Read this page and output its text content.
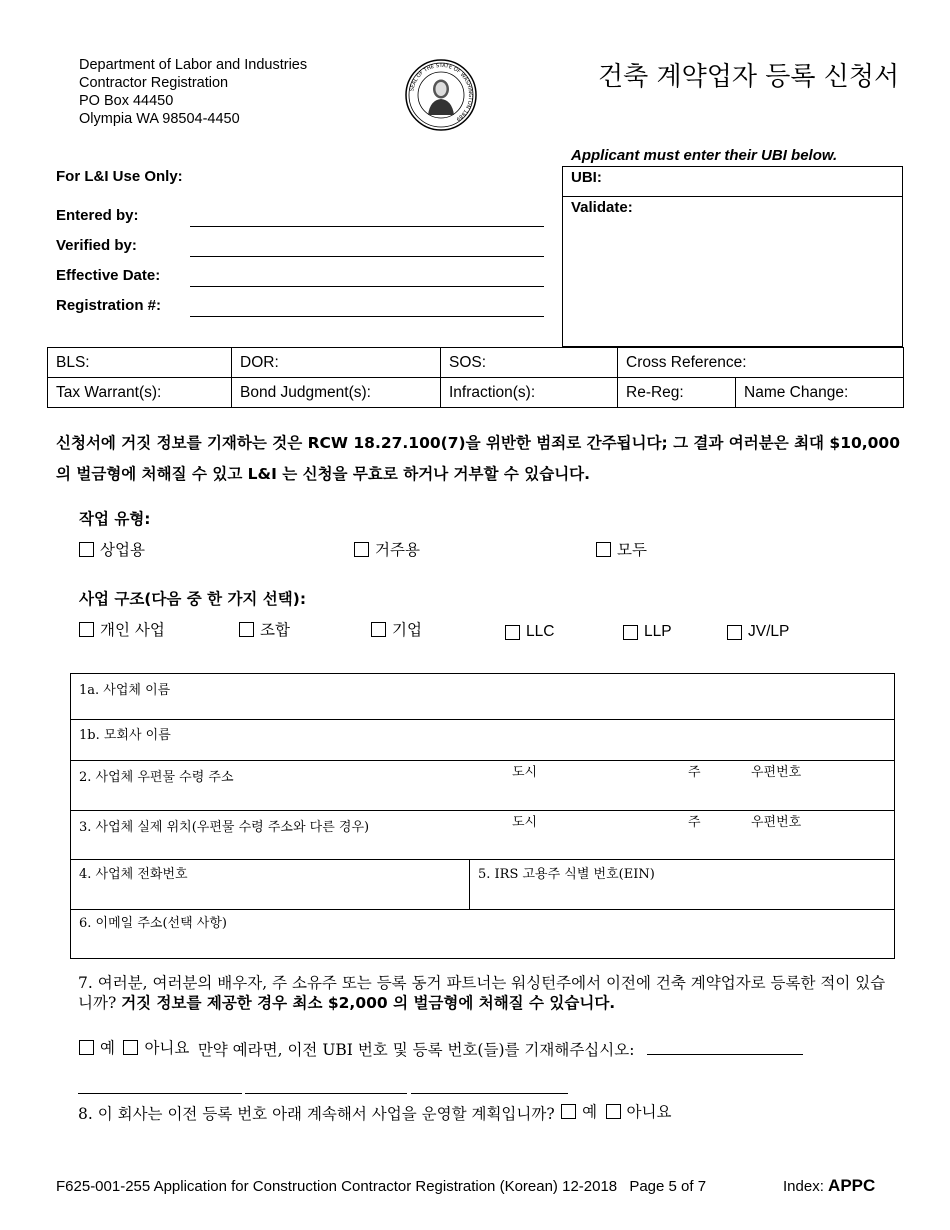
Department of Labor and Industries
Contractor Registration
PO Box 44450
Olympia WA 98504-4450
SEAL OF THE STATE OF WASHINGTON 1889
건축 계약업자 등록 신청서
Applicant must enter their UBI below.
UBI:
Validate:
For L&I Use Only:
Entered by:
Verified by:
Effective Date:
Registration #:
BLS:	DOR:	SOS:	Cross Reference:	
Tax Warrant(s):	Bond Judgment(s):	Infraction(s):	Re-Reg:	Name Change:
신청서에 거짓 정보를 기재하는 것은 RCW 18.27.100(7)을 위반한 범죄로 간주됩니다; 그 결과 여러분은 최대 $10,000 의 벌금형에 처해질 수 있고 L&I 는 신청을 무효로 하거나 거부할 수 있습니다.
작업 유형:
상업용	거주용	모두
사업 구조(다음 중 한 가지 선택):
개인 사업	조합	기업	LLC	LLP	JV/LP
1a. 사업체 이름
1b. 모회사 이름
2. 사업체 우편물 수령 주소	도시	주	우편번호
3. 사업체 실제 위치(우편물 수령 주소와 다른 경우)	도시	주	우편번호
4. 사업체 전화번호	5. IRS 고용주 식별 번호(EIN)
6. 이메일 주소(선택 사항)
7. 여러분, 여러분의 배우자, 주 소유주 또는 등록 동거 파트너는 워싱턴주에서 이전에 건축 계약업자로 등록한 적이 있습니까? 거짓 정보를 제공한 경우 최소 $2,000 의 벌금형에 처해질 수 있습니다.
예
아니요 만약 예라면, 이전 UBI 번호 및 등록 번호(들)를 기재해주십시오:
8. 이 회사는 이전 등록 번호 아래 계속해서 사업을 운영할 계획입니까? 예
아니요
F625-001-255 Application for Construction Contractor Registration (Korean) 12-2018 Page 5 of 7	Index: APPC
